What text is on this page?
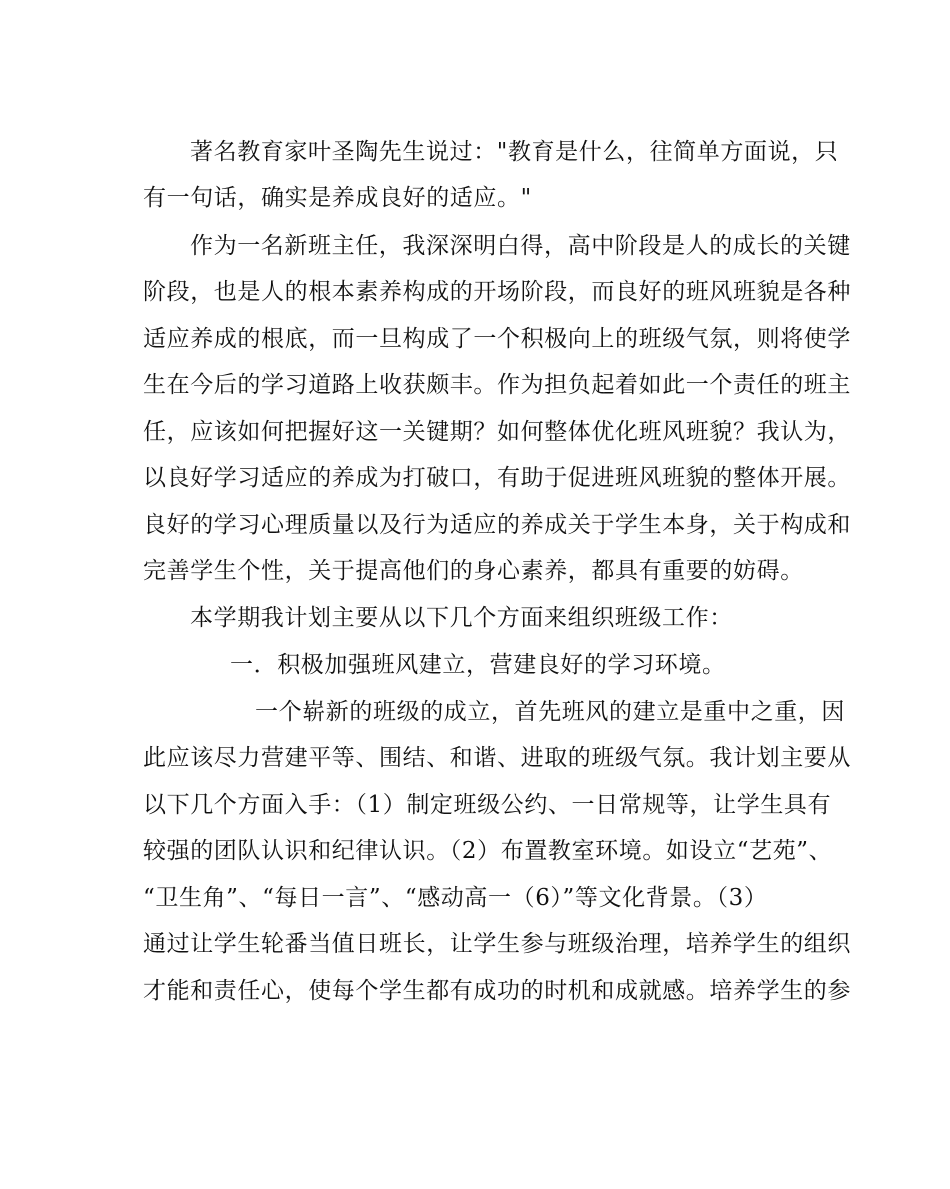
著名教育家叶圣陶先生说过："教育是什么，往简单方面说，只
有一句话，确实是养成良好的适应。"
作为一名新班主任，我深深明白得，高中阶段是人的成长的关键
阶段，也是人的根本素养构成的开场阶段，而良好的班风班貌是各种
适应养成的根底，而一旦构成了一个积极向上的班级气氛，则将使学
生在今后的学习道路上收获颇丰。作为担负起着如此一个责任的班主
任，应该如何把握好这一关键期？如何整体优化班风班貌？我认为，
以良好学习适应的养成为打破口，有助于促进班风班貌的整体开展。
良好的学习心理质量以及行为适应的养成关于学生本身，关于构成和
完善学生个性，关于提高他们的身心素养，都具有重要的妨碍。
本学期我计划主要从以下几个方面来组织班级工作：
一．积极加强班风建立，营建良好的学习环境。
一个崭新的班级的成立，首先班风的建立是重中之重，因
此应该尽力营建平等、围结、和谐、进取的班级气氛。我计划主要从
以下几个方面入手：（1）制定班级公约、一日常规等，让学生具有
较强的团队认识和纪律认识。（2）布置教室环境。如设立“艺苑”、
“卫生角”、“每日一言”、“感动高一（6）”等文化背景。（3）
通过让学生轮番当值日班长，让学生参与班级治理，培养学生的组织
才能和责任心，使每个学生都有成功的时机和成就感。培养学生的参
